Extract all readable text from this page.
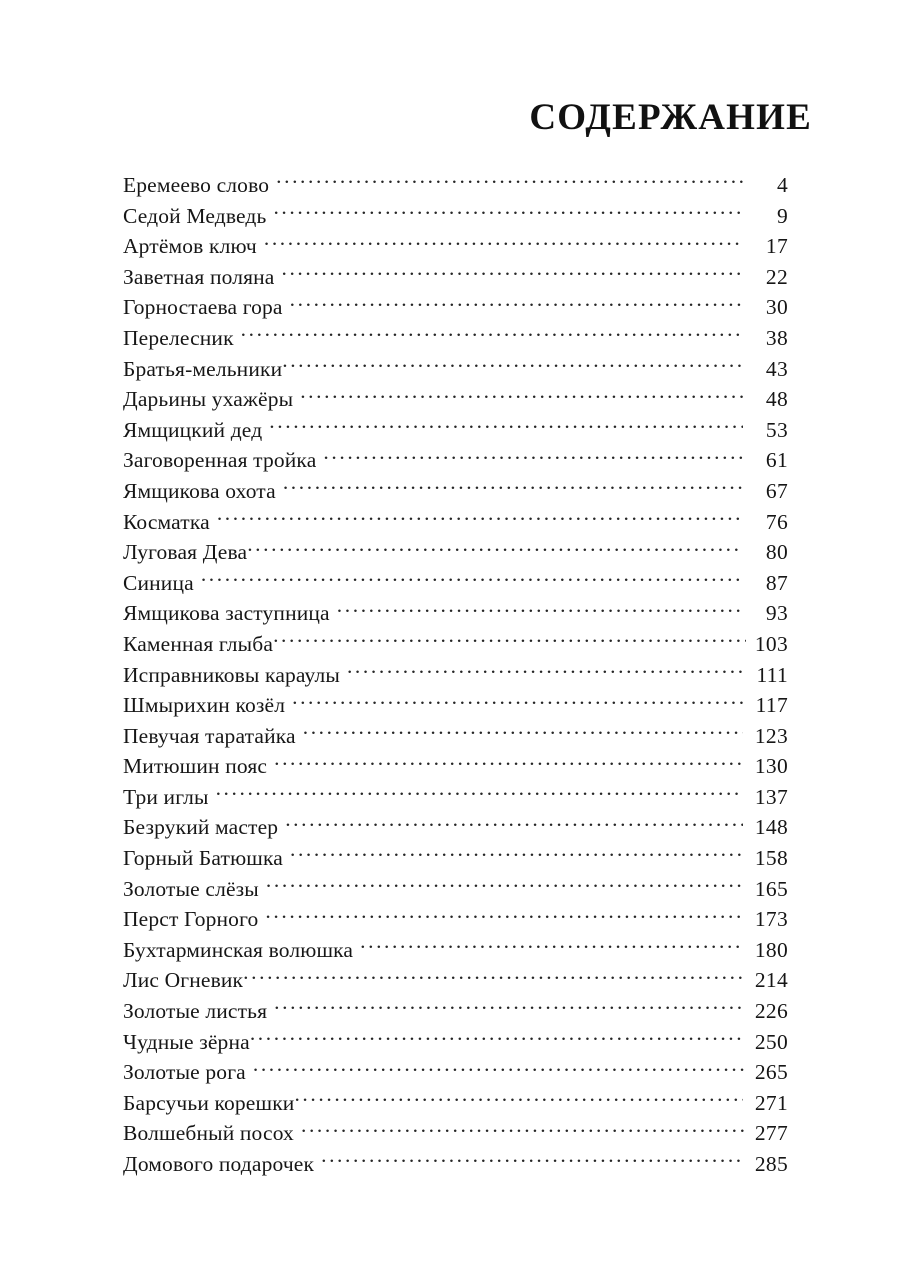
СОДЕРЖАНИЕ
Еремеево слово .....	4
Седой Медведь .....	9
Артёмов ключ .....	17
Заветная поляна .....	22
Горностаева гора .....	30
Перелесник .....	38
Братья-мельники .....	43
Дарьины ухажёры .....	48
Ямщицкий дед .....	53
Заговоренная тройка .....	61
Ямщикова охота .....	67
Косматка .....	76
Луговая Дева .....	80
Синица .....	87
Ямщикова заступница .....	93
Каменная глыба .....	103
Исправниковы караулы .....	111
Шмырихин козёл .....	117
Певучая таратайка .....	123
Митюшин пояс .....	130
Три иглы .....	137
Безрукий мастер .....	148
Горный Батюшка .....	158
Золотые слёзы .....	165
Перст Горного .....	173
Бухтарминская волюшка .....	180
Лис Огневик .....	214
Золотые листья .....	226
Чудные зёрна .....	250
Золотые рога .....	265
Барсучьи корешки .....	271
Волшебный посох .....	277
Домового подарочек .....	285
